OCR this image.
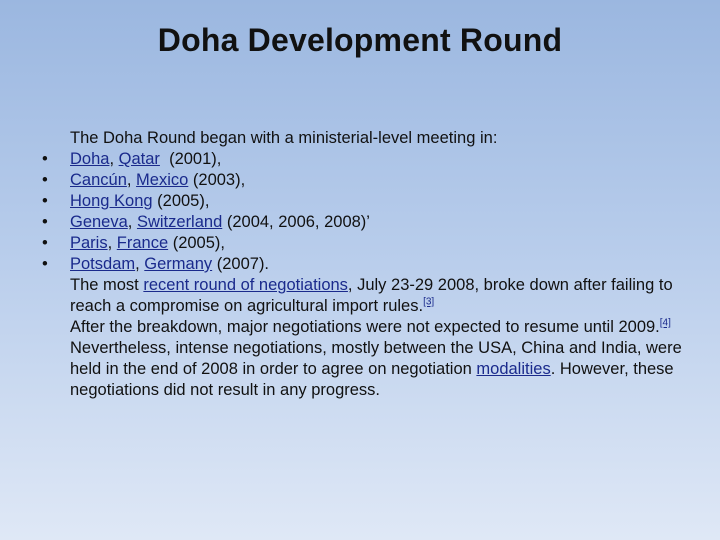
Doha Development Round
The Doha Round began with a ministerial-level meeting in:
• Doha, Qatar  (2001),
• Cancún, Mexico (2003),
• Hong Kong (2005),
• Geneva, Switzerland (2004, 2006, 2008)’
• Paris, France (2005),
• Potsdam, Germany (2007).
The most recent round of negotiations, July 23-29 2008, broke down after failing to reach a compromise on agricultural import rules.[3]
After the breakdown, major negotiations were not expected to resume until 2009.[4] Nevertheless, intense negotiations, mostly between the USA, China and India, were held in the end of 2008 in order to agree on negotiation modalities. However, these negotiations did not result in any progress.
